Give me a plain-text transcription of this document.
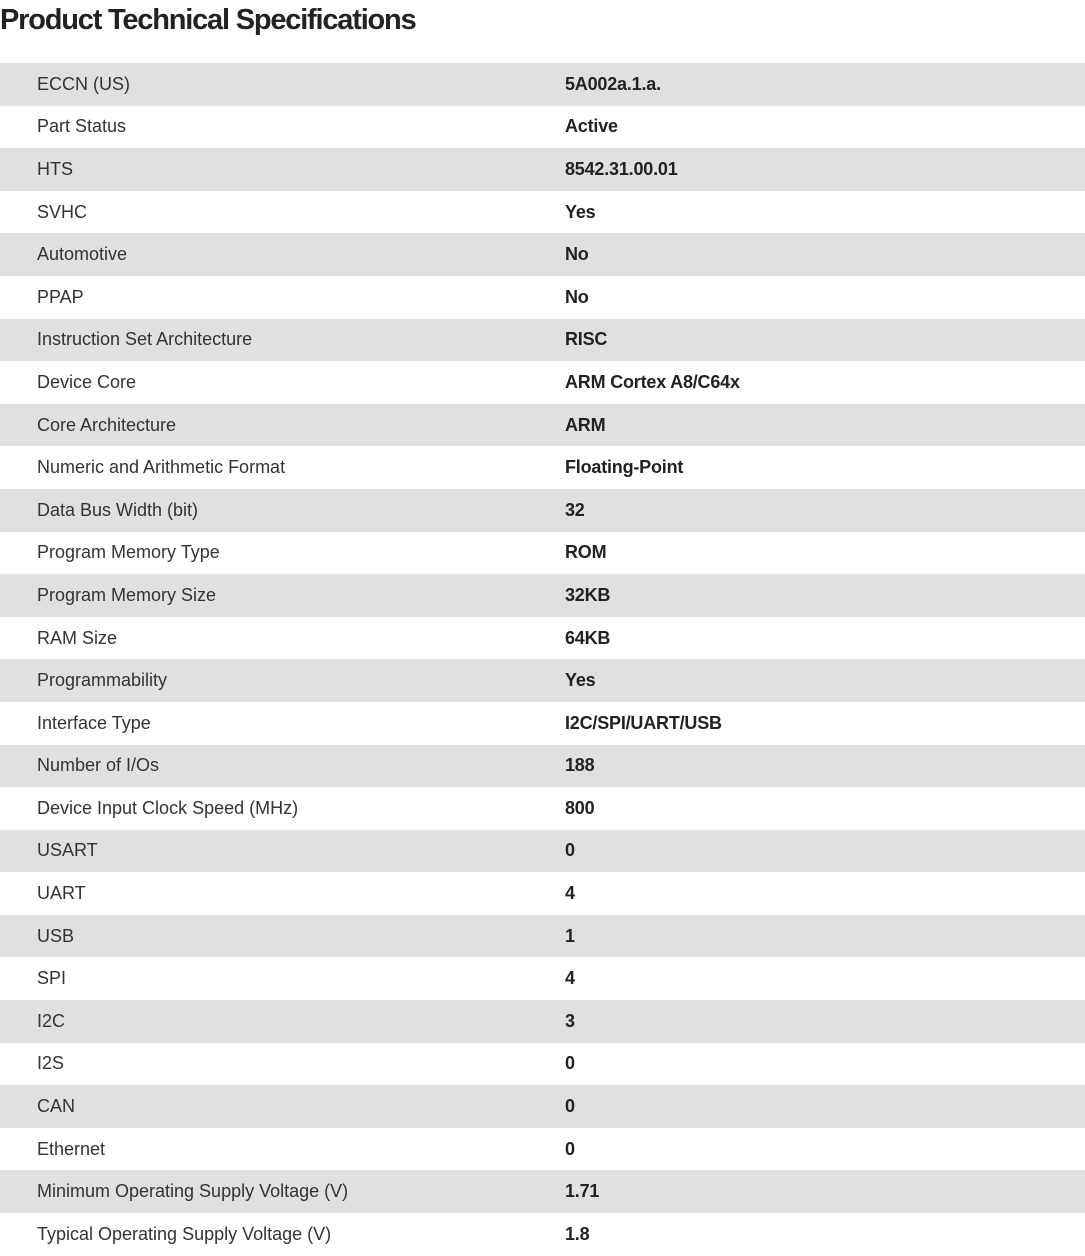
Product Technical Specifications
ECCN (US)	5A002a.1.a.
Part Status	Active
HTS	8542.31.00.01
SVHC	Yes
Automotive	No
PPAP	No
Instruction Set Architecture	RISC
Device Core	ARM Cortex A8/C64x
Core Architecture	ARM
Numeric and Arithmetic Format	Floating-Point
Data Bus Width (bit)	32
Program Memory Type	ROM
Program Memory Size	32KB
RAM Size	64KB
Programmability	Yes
Interface Type	I2C/SPI/UART/USB
Number of I/Os	188
Device Input Clock Speed (MHz)	800
USART	0
UART	4
USB	1
SPI	4
I2C	3
I2S	0
CAN	0
Ethernet	0
Minimum Operating Supply Voltage (V)	1.71
Typical Operating Supply Voltage (V)	1.8
